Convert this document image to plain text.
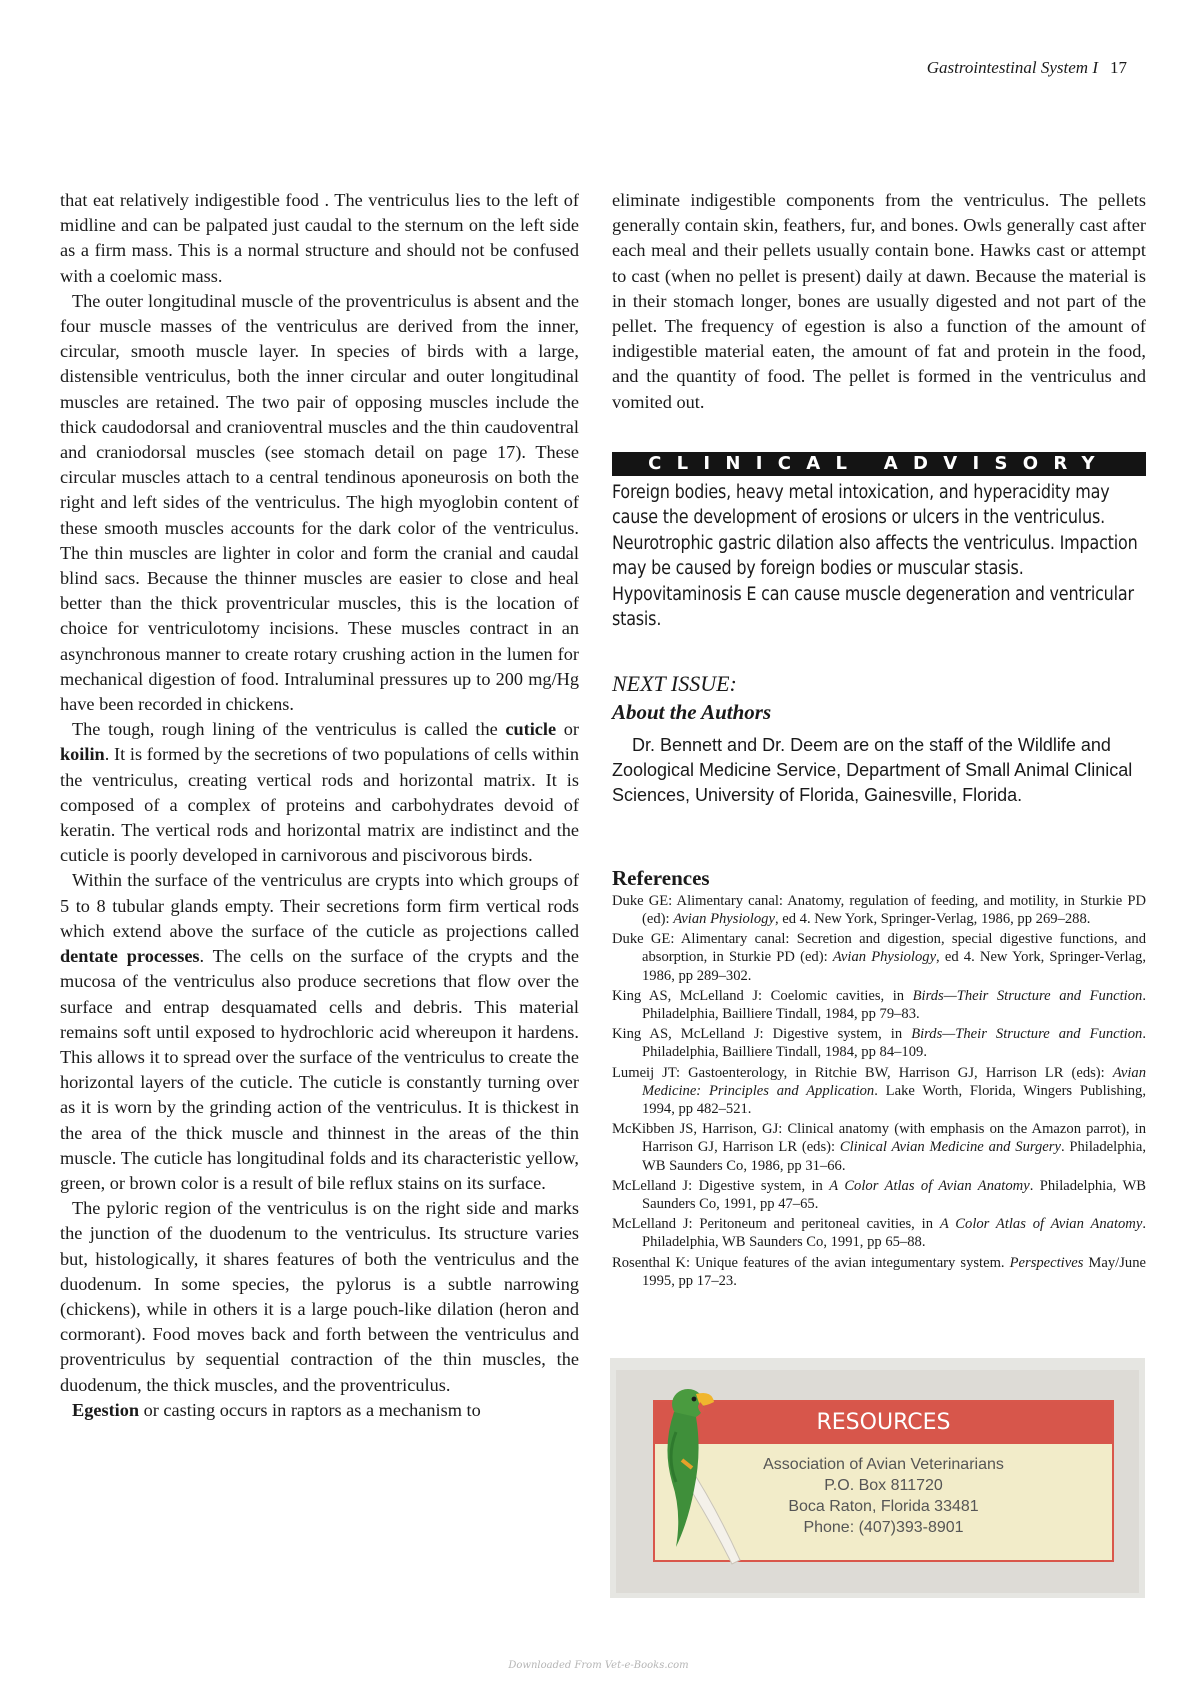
Gastrointestinal System I 17

that eat relatively indigestible food . The ventriculus lies to the left of midline and can be palpated just caudal to the sternum on the left side as a firm mass. This is a normal structure and should not be confused with a coelomic mass.

The outer longitudinal muscle of the proventriculus is absent and the four muscle masses of the ventriculus are derived from the inner, circular, smooth muscle layer. In species of birds with a large, distensible ventriculus, both the inner circular and outer longitudinal muscles are retained. The two pair of opposing muscles include the thick caudodorsal and cranioventral muscles and the thin caudoventral and craniodorsal muscles (see stomach detail on page 17). These circular muscles attach to a central tendinous aponeurosis on both the right and left sides of the ventriculus. The high myoglobin content of these smooth muscles accounts for the dark color of the ventriculus. The thin muscles are lighter in color and form the cranial and caudal blind sacs. Because the thinner muscles are easier to close and heal better than the thick proventricular muscles, this is the location of choice for ventriculotomy incisions. These muscles contract in an asynchronous manner to create rotary crushing action in the lumen for mechanical digestion of food. Intraluminal pressures up to 200 mg/Hg have been recorded in chickens.

The tough, rough lining of the ventriculus is called the cuticle or koilin. It is formed by the secretions of two populations of cells within the ventriculus, creating vertical rods and horizontal matrix. It is composed of a complex of proteins and carbohydrates devoid of keratin. The vertical rods and horizontal matrix are indistinct and the cuticle is poorly developed in carnivorous and piscivorous birds.

Within the surface of the ventriculus are crypts into which groups of 5 to 8 tubular glands empty. Their secretions form firm vertical rods which extend above the surface of the cuticle as projections called dentate processes. The cells on the surface of the crypts and the mucosa of the ventriculus also produce secretions that flow over the surface and entrap desquamated cells and debris. This material remains soft until exposed to hydrochloric acid whereupon it hardens. This allows it to spread over the surface of the ventriculus to create the horizontal layers of the cuticle. The cuticle is constantly turning over as it is worn by the grinding action of the ventriculus. It is thickest in the area of the thick muscle and thinnest in the areas of the thin muscle. The cuticle has longitudinal folds and its characteristic yellow, green, or brown color is a result of bile reflux stains on its surface.

The pyloric region of the ventriculus is on the right side and marks the junction of the duodenum to the ventriculus. Its structure varies but, histologically, it shares features of both the ventriculus and the duodenum. In some species, the pylorus is a subtle narrowing (chickens), while in others it is a large pouch-like dilation (heron and cormorant). Food moves back and forth between the ventriculus and proventriculus by sequential contraction of the thin muscles, the duodenum, the thick muscles, and the proventriculus.

Egestion or casting occurs in raptors as a mechanism to

eliminate indigestible components from the ventriculus. The pellets generally contain skin, feathers, fur, and bones. Owls generally cast after each meal and their pellets usually contain bone. Hawks cast or attempt to cast (when no pellet is present) daily at dawn. Because the material is in their stomach longer, bones are usually digested and not part of the pellet. The frequency of egestion is also a function of the amount of indigestible material eaten, the amount of fat and protein in the food, and the quantity of food. The pellet is formed in the ventriculus and vomited out.

CLINICAL ADVISORY
Foreign bodies, heavy metal intoxication, and hyperacidity may cause the development of erosions or ulcers in the ventriculus. Neurotrophic gastric dilation also affects the ventriculus. Impaction may be caused by foreign bodies or muscular stasis. Hypovitaminosis E can cause muscle degeneration and ventricular stasis.
NEXT ISSUE:
About the Authors

Dr. Bennett and Dr. Deem are on the staff of the Wildlife and Zoological Medicine Service, Department of Small Animal Clinical Sciences, University of Florida, Gainesville, Florida.

References

Duke GE: Alimentary canal: Anatomy, regulation of feeding, and motility, in Sturkie PD (ed): Avian Physiology, ed 4. New York, Springer-Verlag, 1986, pp 269–288.

Duke GE: Alimentary canal: Secretion and digestion, special digestive functions, and absorption, in Sturkie PD (ed): Avian Physiology, ed 4. New York, Springer-Verlag, 1986, pp 289–302.

King AS, McLelland J: Coelomic cavities, in Birds—Their Structure and Function. Philadelphia, Bailliere Tindall, 1984, pp 79–83.

King AS, McLelland J: Digestive system, in Birds—Their Structure and Function. Philadelphia, Bailliere Tindall, 1984, pp 84–109.

Lumeij JT: Gastoenterology, in Ritchie BW, Harrison GJ, Harrison LR (eds): Avian Medicine: Principles and Application. Lake Worth, Florida, Wingers Publishing, 1994, pp 482–521.

McKibben JS, Harrison, GJ: Clinical anatomy (with emphasis on the Amazon parrot), in Harrison GJ, Harrison LR (eds): Clinical Avian Medicine and Surgery. Philadelphia, WB Saunders Co, 1986, pp 31–66.

McLelland J: Digestive system, in A Color Atlas of Avian Anatomy. Philadelphia, WB Saunders Co, 1991, pp 47–65.

McLelland J: Peritoneum and peritoneal cavities, in A Color Atlas of Avian Anatomy. Philadelphia, WB Saunders Co, 1991, pp 65–88.

Rosenthal K: Unique features of the avian integumentary system. Perspectives May/June 1995, pp 17–23.

RESOURCES
Association of Avian Veterinarians
P.O. Box 811720
Boca Raton, Florida 33481
Phone: (407)393-8901
Downloaded From Vet-e-Books.com
